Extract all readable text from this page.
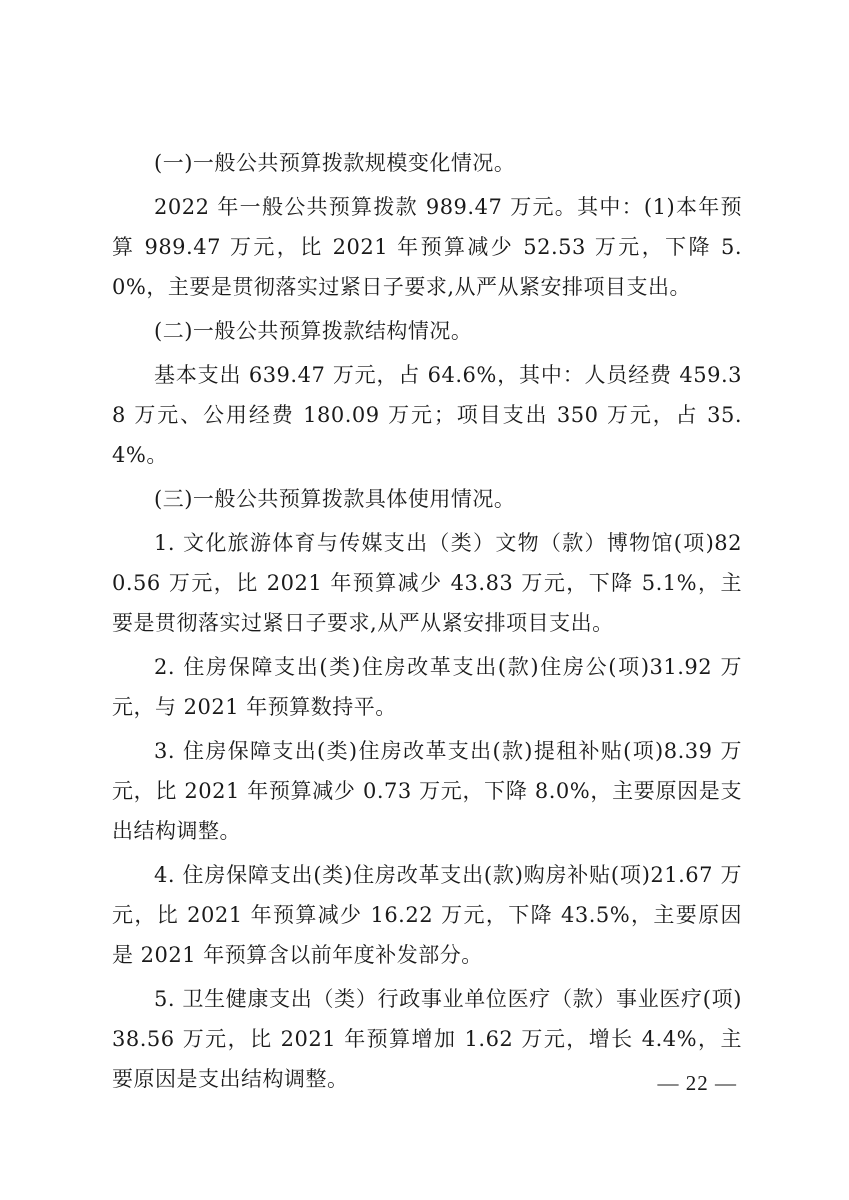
(一)一般公共预算拨款规模变化情况。

2022 年一般公共预算拨款 989.47 万元。其中：(1)本年预算 989.47 万元，比 2021 年预算减少 52.53 万元，下降 5.0%，主要是贯彻落实过紧日子要求,从严从紧安排项目支出。

(二)一般公共预算拨款结构情况。

基本支出 639.47 万元，占 64.6%，其中：人员经费 459.38 万元、公用经费 180.09 万元；项目支出 350 万元，占 35.4%。

(三)一般公共预算拨款具体使用情况。

1. 文化旅游体育与传媒支出（类）文物（款）博物馆(项)820.56 万元，比 2021 年预算减少 43.83 万元，下降 5.1%，主要是贯彻落实过紧日子要求,从严从紧安排项目支出。

2. 住房保障支出(类)住房改革支出(款)住房公(项)31.92 万元，与 2021 年预算数持平。

3. 住房保障支出(类)住房改革支出(款)提租补贴(项)8.39 万元，比 2021 年预算减少 0.73 万元，下降 8.0%，主要原因是支出结构调整。

4. 住房保障支出(类)住房改革支出(款)购房补贴(项)21.67 万元，比 2021 年预算减少 16.22 万元，下降 43.5%，主要原因是 2021 年预算含以前年度补发部分。

5. 卫生健康支出（类）行政事业单位医疗（款）事业医疗(项)38.56 万元，比 2021 年预算增加 1.62 万元，增长 4.4%，主要原因是支出结构调整。	— 22 —
